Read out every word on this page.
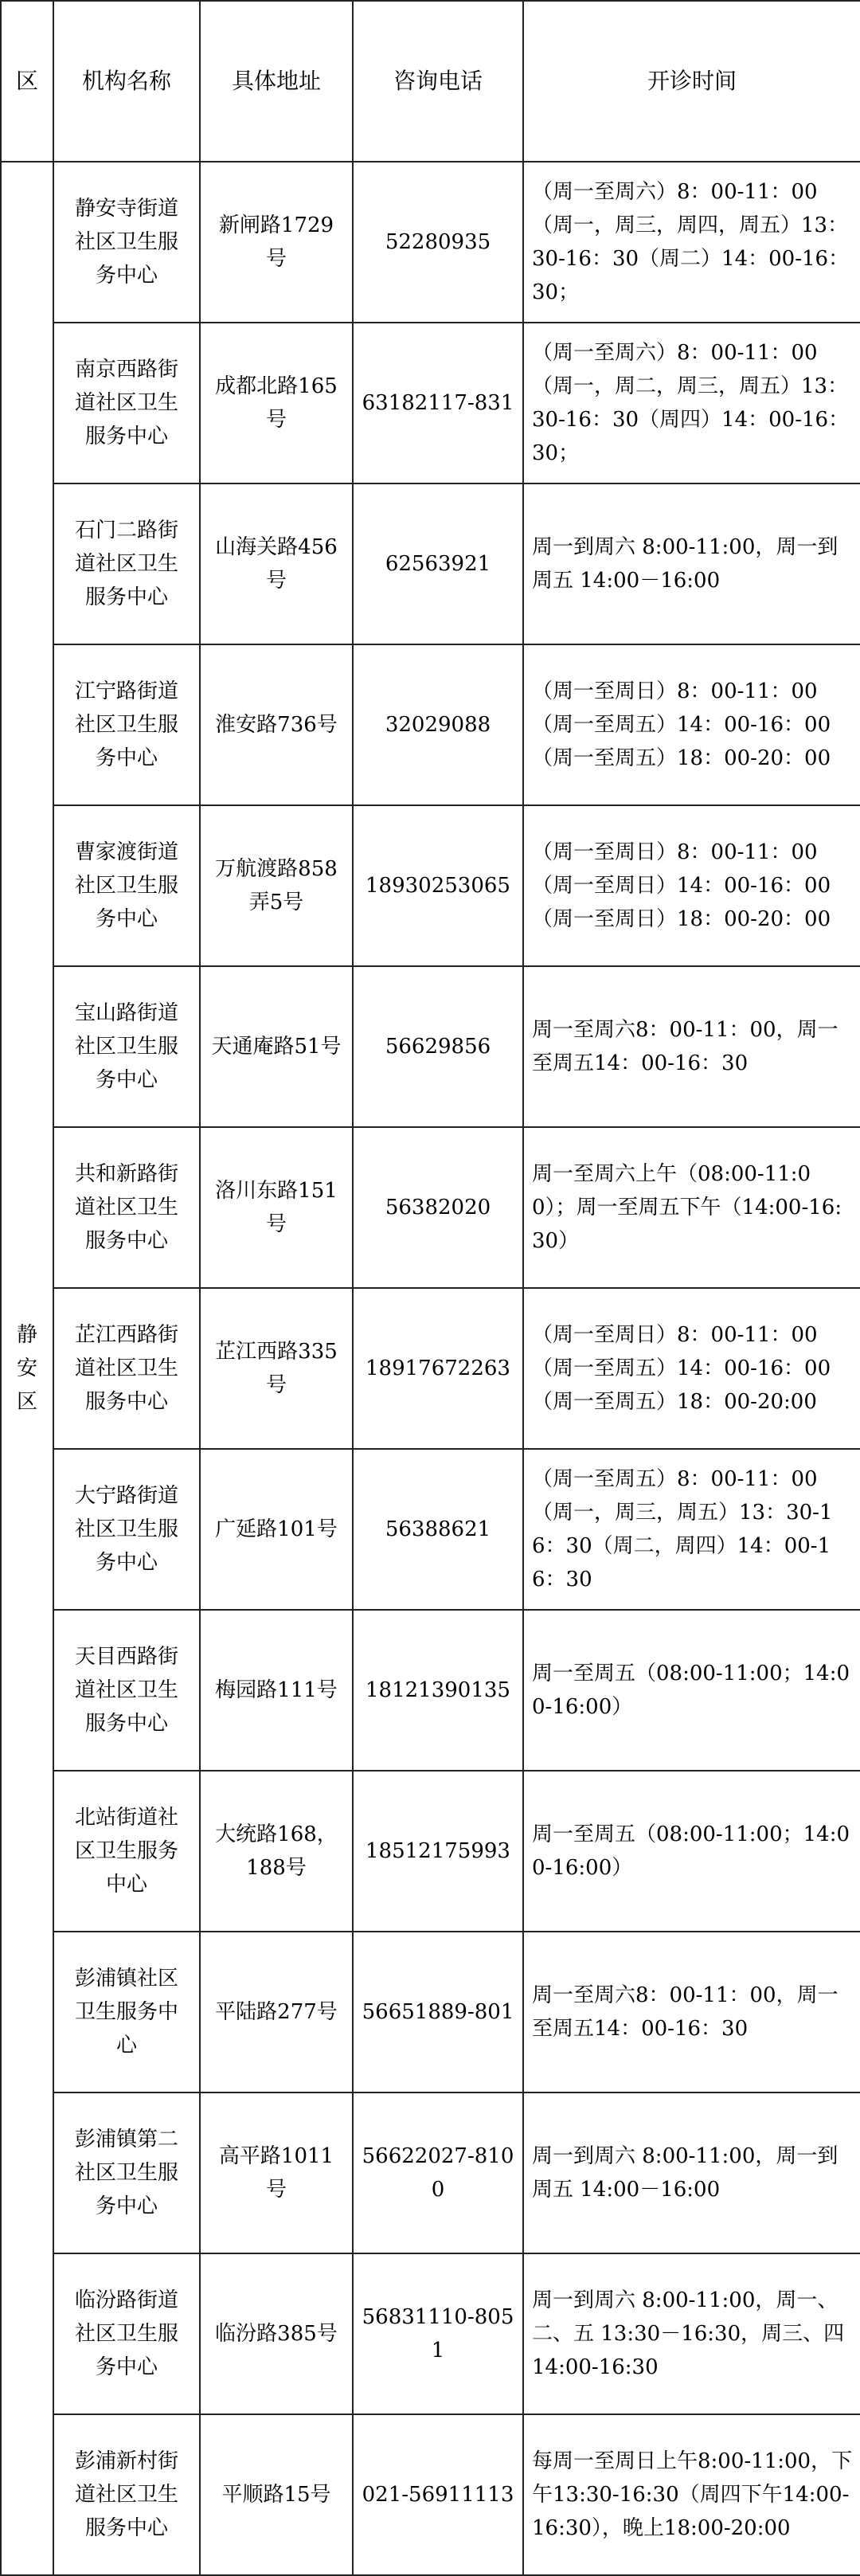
区	机构名称	具体地址	咨询电话	开诊时间
静安区	静安寺街道社区卫生服务中心	新闸路1729号	52280935	（周一至周六）8：00-11：00（周一，周三，周四，周五）13：30-16：30（周二）14：00-16：30；
	南京西路街道社区卫生服务中心	成都北路165号	63182117-831	（周一至周六）8：00-11：00（周一，周二，周三，周五）13：30-16：30（周四）14：00-16：30；
	石门二路街道社区卫生服务中心	山海关路456号	62563921	周一到周六 8:00-11:00，周一到周五 14:00－16:00
	江宁路街道社区卫生服务中心	淮安路736号	32029088	（周一至周日）8：00-11：00（周一至周五）14：00-16：00（周一至周五）18：00-20：00
	曹家渡街道社区卫生服务中心	万航渡路858弄5号	18930253065	（周一至周日）8：00-11：00（周一至周日）14：00-16：00（周一至周日）18：00-20：00
	宝山路街道社区卫生服务中心	天通庵路51号	56629856	周一至周六8：00-11：00，周一至周五14：00-16：30
	共和新路街道社区卫生服务中心	洛川东路151号	56382020	周一至周六上午（08:00-11:00）；周一至周五下午（14:00-16:30）
	芷江西路街道社区卫生服务中心	芷江西路335号	18917672263	（周一至周日）8：00-11：00（周一至周五）14：00-16：00（周一至周五）18：00-20:00
	大宁路街道社区卫生服务中心	广延路101号	56388621	（周一至周五）8：00-11：00（周一，周三，周五）13：30-16：30（周二，周四）14：00-16：30
	天目西路街道社区卫生服务中心	梅园路111号	18121390135	周一至周五（08:00-11:00；14:00-16:00）
	北站街道社区卫生服务中心	大统路168，188号	18512175993	周一至周五（08:00-11:00；14:00-16:00）
	彭浦镇社区卫生服务中心	平陆路277号	56651889-801	周一至周六8：00-11：00，周一至周五14：00-16：30
	彭浦镇第二社区卫生服务中心	高平路1011号	56622027-8100	周一到周六 8:00-11:00，周一到周五 14:00－16:00
	临汾路街道社区卫生服务中心	临汾路385号	56831110-8051	周一到周六 8:00-11:00，周一、二、五 13:30－16:30，周三、四14:00-16:30
	彭浦新村街道社区卫生服务中心	平顺路15号	021-56911113	每周一至周日上午8:00-11:00，下午13:30-16:30（周四下午14:00-16:30），晚上18:00-20:00
